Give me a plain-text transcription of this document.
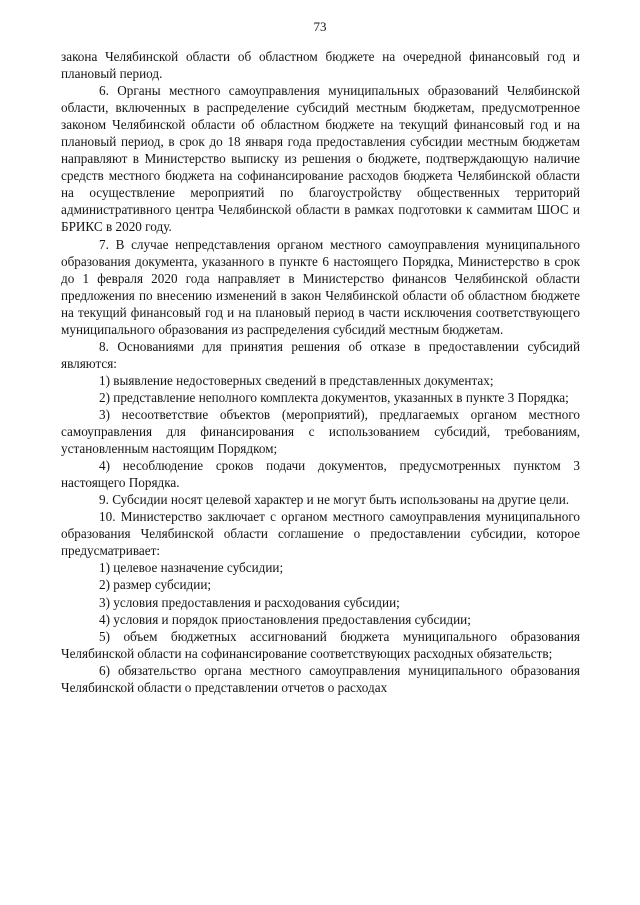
73

закона Челябинской области об областном бюджете на очередной финансовый год и плановый период.

6. Органы местного самоуправления муниципальных образований Челябинской области, включенных в распределение субсидий местным бюджетам, предусмотренное законом Челябинской области об областном бюджете на текущий финансовый год и на плановый период, в срок до 18 января года предоставления субсидии местным бюджетам направляют в Министерство выписку из решения о бюджете, подтверждающую наличие средств местного бюджета на софинансирование расходов бюджета Челябинской области на осуществление мероприятий по благоустройству общественных территорий административного центра Челябинской области в рамках подготовки к саммитам ШОС и БРИКС в 2020 году.

7. В случае непредставления органом местного самоуправления муниципального образования документа, указанного в пункте 6 настоящего Порядка, Министерство в срок до 1 февраля 2020 года направляет в Министерство финансов Челябинской области предложения по внесению изменений в закон Челябинской области об областном бюджете на текущий финансовый год и на плановый период в части исключения соответствующего муниципального образования из распределения субсидий местным бюджетам.

8. Основаниями для принятия решения об отказе в предоставлении субсидий являются:

1) выявление недостоверных сведений в представленных документах;

2) представление неполного комплекта документов, указанных в пункте 3 Порядка;

3) несоответствие объектов (мероприятий), предлагаемых органом местного самоуправления для финансирования с использованием субсидий, требованиям, установленным настоящим Порядком;

4) несоблюдение сроков подачи документов, предусмотренных пунктом 3 настоящего Порядка.

9. Субсидии носят целевой характер и не могут быть использованы на другие цели.

10. Министерство заключает с органом местного самоуправления муниципального образования Челябинской области соглашение о предоставлении субсидии, которое предусматривает:

1) целевое назначение субсидии;

2) размер субсидии;

3) условия предоставления и расходования субсидии;

4) условия и порядок приостановления предоставления субсидии;

5) объем бюджетных ассигнований бюджета муниципального образования Челябинской области на софинансирование соответствующих расходных обязательств;

6) обязательство органа местного самоуправления муниципального образования Челябинской области о представлении отчетов о расходах
